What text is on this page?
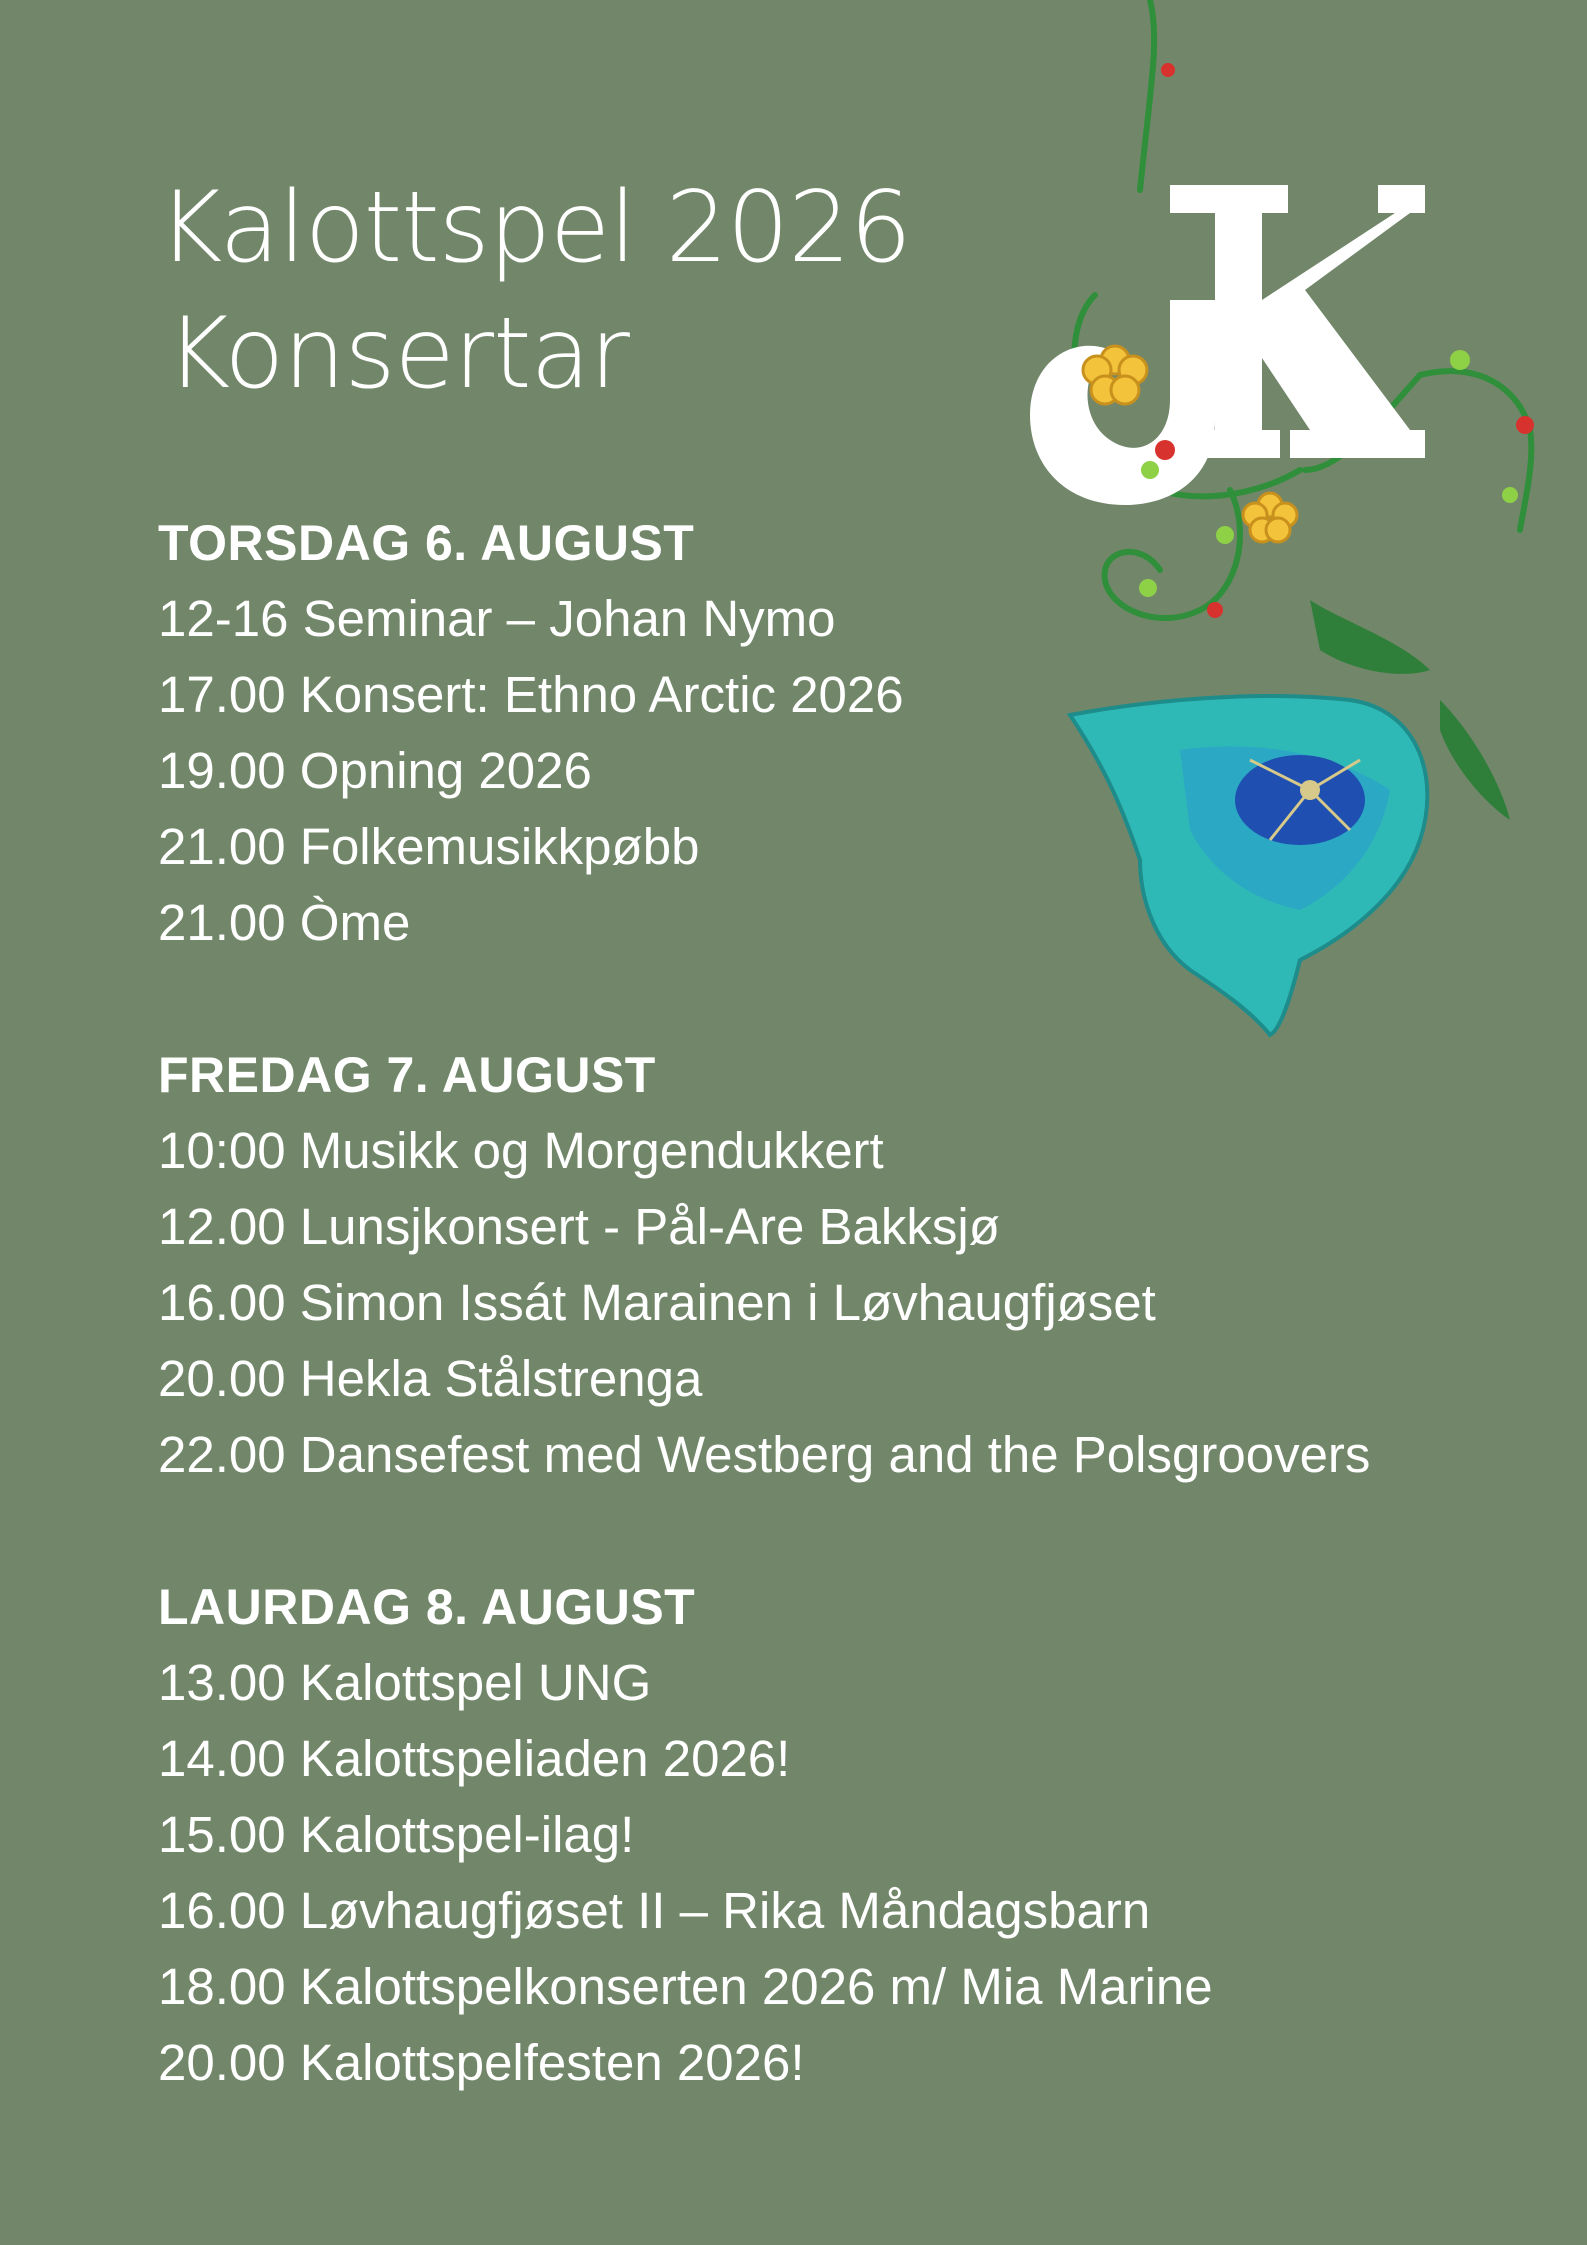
Kalottspel 2026
Konsertar
TORSDAG 6. AUGUST
12-16 Seminar – Johan Nymo
17.00 Konsert: Ethno Arctic 2026
19.00 Opning 2026
21.00 Folkemusikkpøbb
21.00 Òme
FREDAG 7. AUGUST
10:00 Musikk og Morgendukkert
12.00 Lunsjkonsert - Pål-Are Bakksjø
16.00 Simon Issát Marainen i Løvhaugfjøset
20.00 Hekla Stålstrenga
22.00 Dansefest med Westberg and the Polsgroovers
LAURDAG 8. AUGUST
13.00 Kalottspel UNG
14.00 Kalottspeliaden 2026!
15.00 Kalottspel-ilag!
16.00 Løvhaugfjøset II – Rika Måndagsbarn
18.00 Kalottspelkonserten 2026 m/ Mia Marine
20.00 Kalottspelfesten 2026!
